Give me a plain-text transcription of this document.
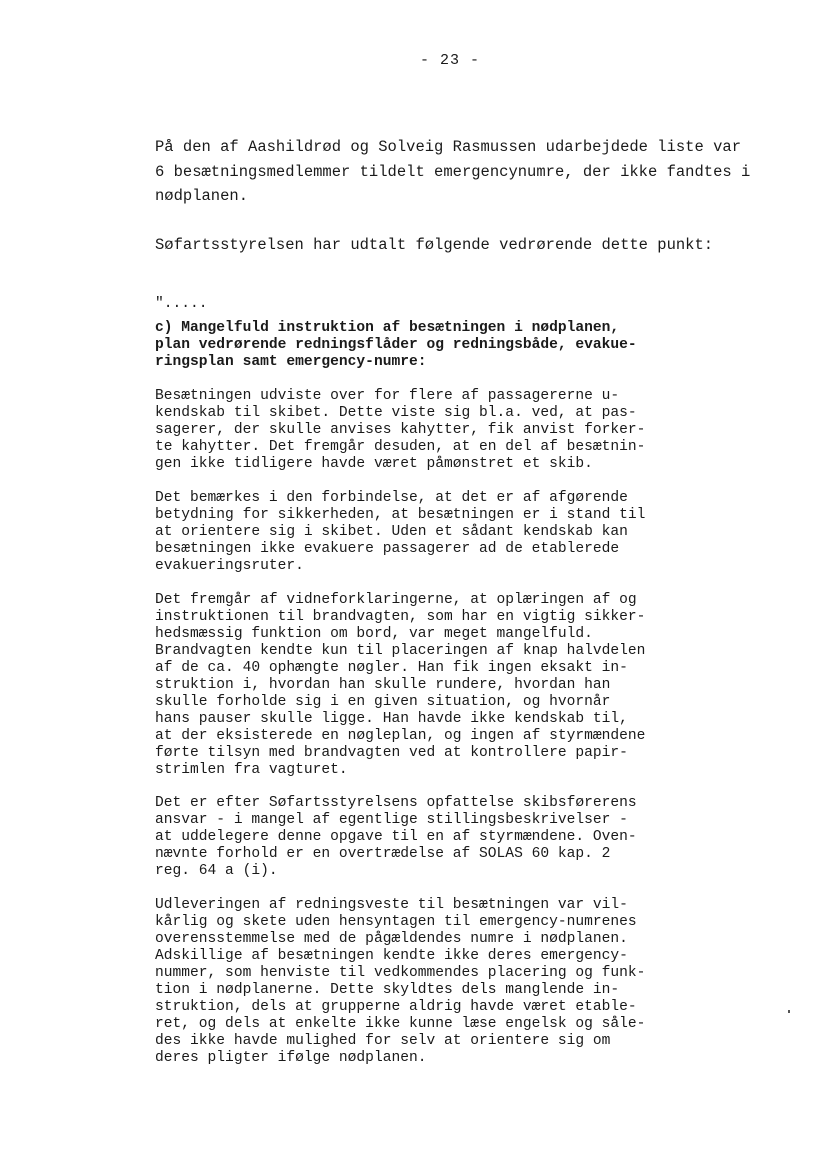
- 23 -

På den af Aashildrød og Solveig Rasmussen udarbejdede liste var 6 besætningsmedlemmer tildelt emergencynumre, der ikke fandtes i nødplanen.

Søfartsstyrelsen har udtalt følgende vedrørende dette punkt:

".....

c) Mangelfuld instruktion af besætningen i nødplanen,
plan vedrørende redningsflåder og redningsbåde, evakue-
ringsplan samt emergency-numre:

Besætningen udviste over for flere af passagererne u-
kendskab til skibet. Dette viste sig bl.a. ved, at pas-
sagerer, der skulle anvises kahytter, fik anvist forker-
te kahytter. Det fremgår desuden, at en del af besætnin-
gen ikke tidligere havde været påmønstret et skib.

Det bemærkes i den forbindelse, at det er af afgørende
betydning for sikkerheden, at besætningen er i stand til
at orientere sig i skibet. Uden et sådant kendskab kan
besætningen ikke evakuere passagerer ad de etablerede
evakueringsruter.

Det fremgår af vidneforklaringerne, at oplæringen af og
instruktionen til brandvagten, som har en vigtig sikker-
hedsmæssig funktion om bord, var meget mangelfuld.
Brandvagten kendte kun til placeringen af knap halvdelen
af de ca. 40 ophængte nøgler. Han fik ingen eksakt in-
struktion i, hvordan han skulle rundere, hvordan han
skulle forholde sig i en given situation, og hvornår
hans pauser skulle ligge. Han havde ikke kendskab til,
at der eksisterede en nøgleplan, og ingen af styrmændene
førte tilsyn med brandvagten ved at kontrollere papir-
strimlen fra vagturet.

Det er efter Søfartsstyrelsens opfattelse skibsførerens
ansvar - i mangel af egentlige stillingsbeskrivelser -
at uddelegere denne opgave til en af styrmændene. Oven-
nævnte forhold er en overtrædelse af SOLAS 60 kap. 2
reg. 64 a (i).

Udleveringen af redningsveste til besætningen var vil-
kårlig og skete uden hensyntagen til emergency-numrenes
overensstemmelse med de pågældendes numre i nødplanen.
Adskillige af besætningen kendte ikke deres emergency-
nummer, som henviste til vedkommendes placering og funk-
tion i nødplanerne. Dette skyldtes dels manglende in-
struktion, dels at grupperne aldrig havde været etable-
ret, og dels at enkelte ikke kunne læse engelsk og såle-
des ikke havde mulighed for selv at orientere sig om
deres pligter ifølge nødplanen.
